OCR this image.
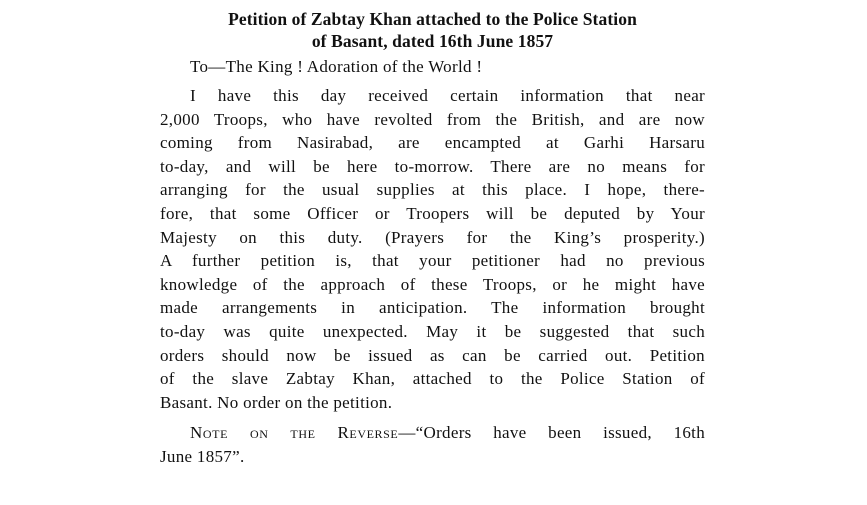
Petition of Zabtay Khan attached to the Police Station
of Basant, dated 16th June 1857

To—The King ! Adoration of the World !

I have this day received certain information that near
2,000 Troops, who have revolted from the British, and are now
coming from Nasirabad, are encampted at Garhi Harsaru
to-day, and will be here to-morrow. There are no means for
arranging for the usual supplies at this place. I hope, there-
fore, that some Officer or Troopers will be deputed by Your
Majesty on this duty. (Prayers for the King’s prosperity.)
A further petition is, that your petitioner had no previous
knowledge of the approach of these Troops, or he might have
made arrangements in anticipation. The information brought
to-day was quite unexpected. May it be suggested that such
orders should now be issued as can be carried out. Petition
of the slave Zabtay Khan, attached to the Police Station of
Basant. No order on the petition.

Note on the Reverse—“Orders have been issued, 16th
June 1857”.
